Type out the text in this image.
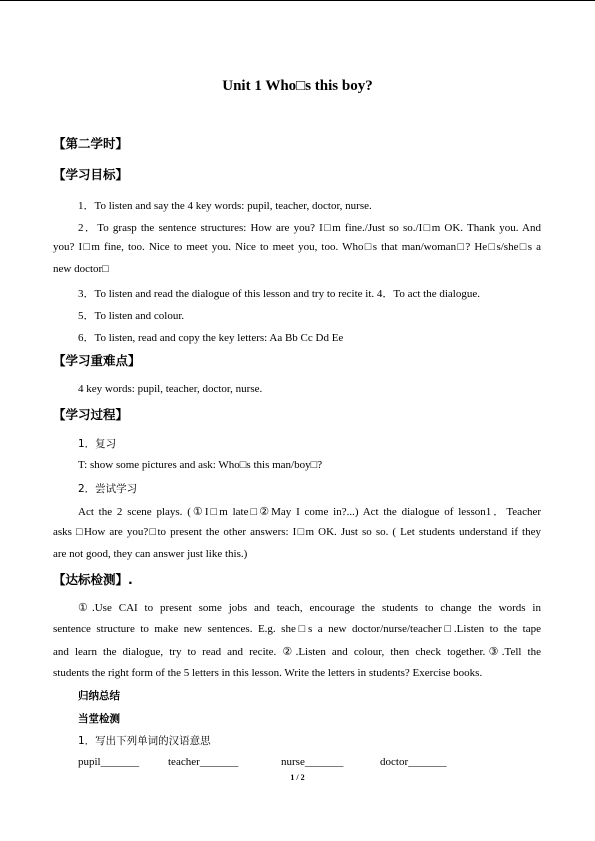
Unit 1 Who□s this boy?
【第二学时】
【学习目标】
1．To listen and say the 4 key words: pupil, teacher, doctor, nurse.
2．To grasp the sentence structures: How are you? I□m fine./Just so so./I□m OK. Thank you. And
you? I□m fine, too. Nice to meet you. Nice to meet you, too. Who□s that man/woman□? He□s/she□s a
new doctor□
3．To listen and read the dialogue of this lesson and try to recite it. 4．To act the dialogue.
5．To listen and colour.
6．To listen, read and copy the key letters: Aa Bb Cc Dd Ee
【学习重难点】
4 key words: pupil, teacher, doctor, nurse.
【学习过程】
1．复习
T: show some pictures and ask: Who□s this man/boy□?
2．尝试学习
Act the 2 scene plays. (①I□m late□②May I come in?...) Act the dialogue of lesson1．Teacher
asks □How are you?□to present the other answers: I□m OK. Just so so. ( Let students understand if they
are not good, they can answer just like this.)
【达标检测】.
①.Use CAI to present some jobs and teach, encourage the students to change the words in
sentence structure to make new sentences. E.g. she□s a new doctor/nurse/teacher□.Listen to the tape
and learn the dialogue, try to read and recite. ②.Listen and colour, then check together.③.Tell the
students the right form of the 5 letters in this lesson. Write the letters in students? Exercise books.
归纳总结
当堂检测
1．写出下列单词的汉语意思
pupil_______	teacher_______	nurse_______	doctor_______
1 / 2
